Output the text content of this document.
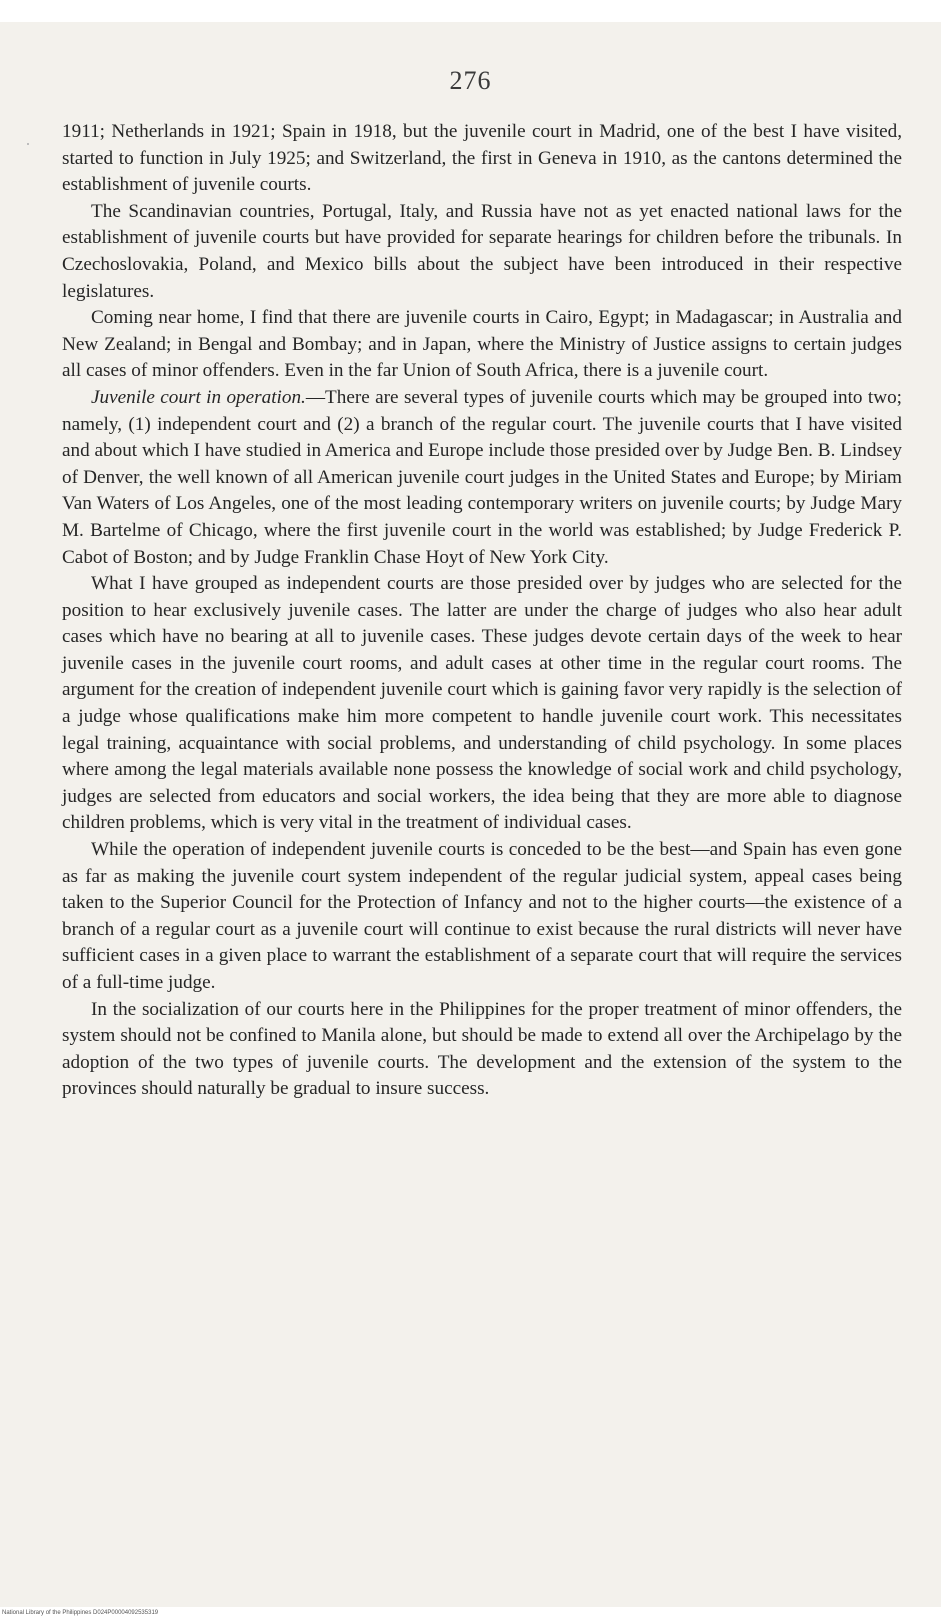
276

1911; Netherlands in 1921; Spain in 1918, but the juvenile court in Madrid, one of the best I have visited, started to function in July 1925; and Switzerland, the first in Geneva in 1910, as the cantons determined the establishment of juvenile courts.

The Scandinavian countries, Portugal, Italy, and Russia have not as yet enacted national laws for the establishment of juvenile courts but have provided for separate hearings for children before the tribunals. In Czechoslovakia, Poland, and Mexico bills about the subject have been introduced in their respective legislatures.

Coming near home, I find that there are juvenile courts in Cairo, Egypt; in Madagascar; in Australia and New Zealand; in Bengal and Bombay; and in Japan, where the Ministry of Justice assigns to certain judges all cases of minor offenders. Even in the far Union of South Africa, there is a juvenile court.

Juvenile court in operation.—There are several types of juvenile courts which may be grouped into two; namely, (1) independent court and (2) a branch of the regular court. The juvenile courts that I have visited and about which I have studied in America and Europe include those presided over by Judge Ben. B. Lindsey of Denver, the well known of all American juvenile court judges in the United States and Europe; by Miriam Van Waters of Los Angeles, one of the most leading contemporary writers on juvenile courts; by Judge Mary M. Bartelme of Chicago, where the first juvenile court in the world was established; by Judge Frederick P. Cabot of Boston; and by Judge Franklin Chase Hoyt of New York City.

What I have grouped as independent courts are those presided over by judges who are selected for the position to hear exclusively juvenile cases. The latter are under the charge of judges who also hear adult cases which have no bearing at all to juvenile cases. These judges devote certain days of the week to hear juvenile cases in the juvenile court rooms, and adult cases at other time in the regular court rooms. The argument for the creation of independent juvenile court which is gaining favor very rapidly is the selection of a judge whose qualifications make him more competent to handle juvenile court work. This necessitates legal training, acquaintance with social problems, and understanding of child psychology. In some places where among the legal materials available none possess the knowledge of social work and child psychology, judges are selected from educators and social workers, the idea being that they are more able to diagnose children problems, which is very vital in the treatment of individual cases.

While the operation of independent juvenile courts is conceded to be the best—and Spain has even gone as far as making the juvenile court system independent of the regular judicial system, appeal cases being taken to the Superior Council for the Protection of Infancy and not to the higher courts—the existence of a branch of a regular court as a juvenile court will continue to exist because the rural districts will never have sufficient cases in a given place to warrant the establishment of a separate court that will require the services of a full-time judge.

In the socialization of our courts here in the Philippines for the proper treatment of minor offenders, the system should not be confined to Manila alone, but should be made to extend all over the Archipelago by the adoption of the two types of juvenile courts. The development and the extension of the system to the provinces should naturally be gradual to insure success.

National Library of the Philippines D024P00004092535319
